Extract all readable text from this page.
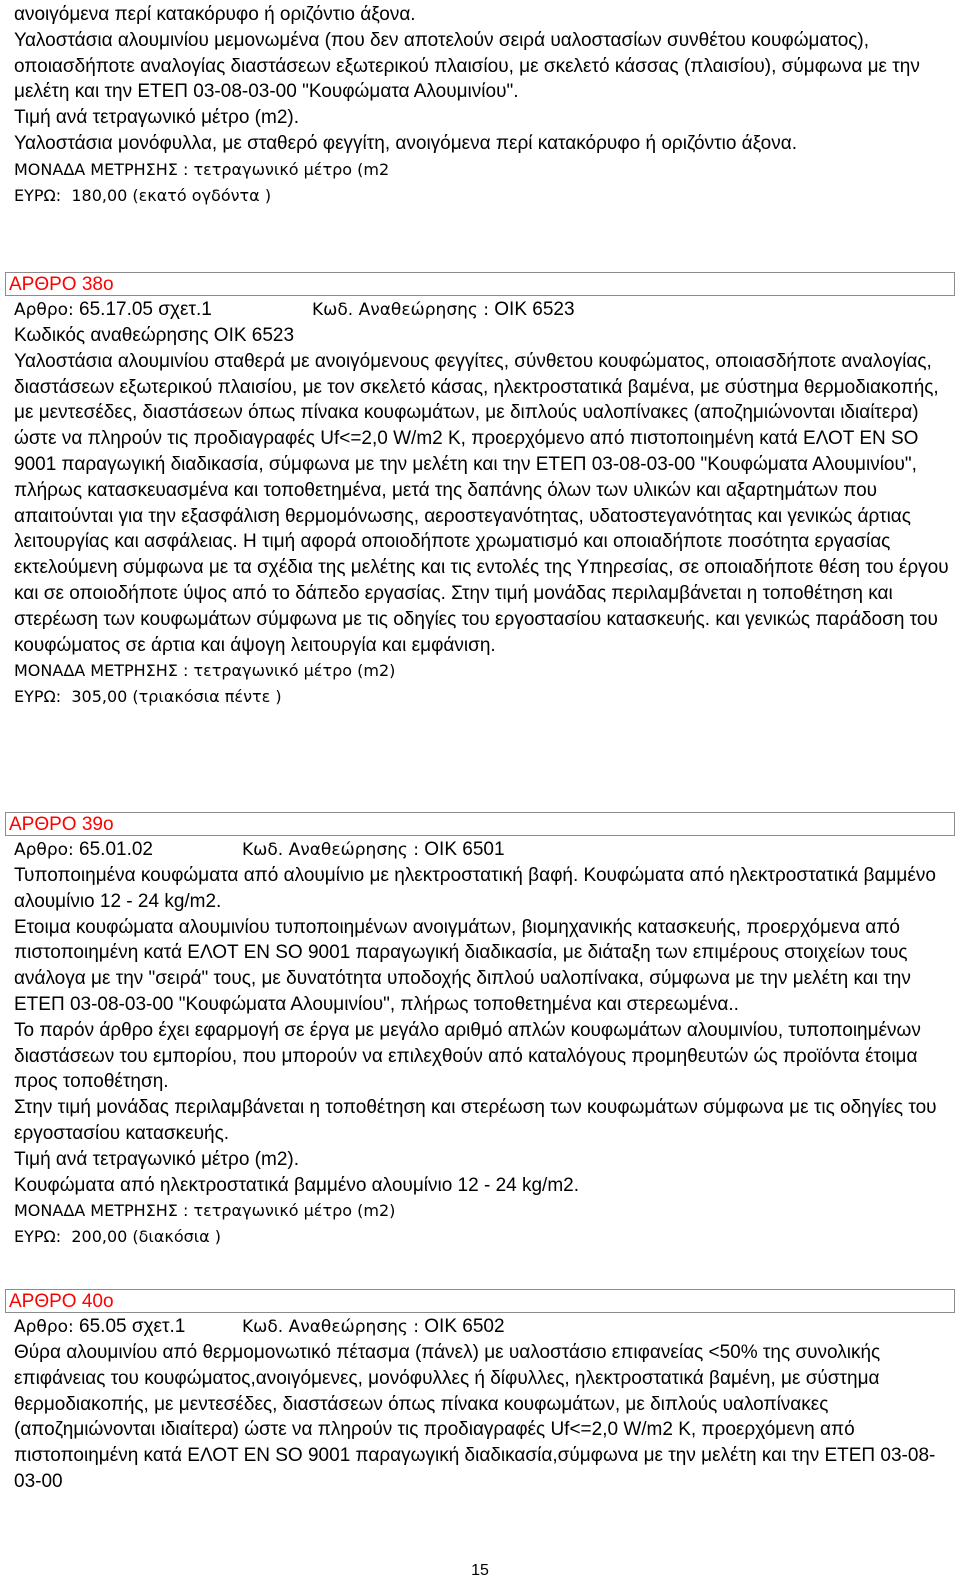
ανοιγόμενα περί κατακόρυφο ή οριζόντιο άξονα.

Υαλοστάσια αλουμινίου μεμονωμένα (που δεν αποτελούν σειρά υαλοστασίων συνθέτου κουφώματος), οποιασδήποτε αναλογίας διαστάσεων εξωτερικού πλαισίου, με σκελετό κάσσας (πλαισίου), σύμφωνα με την μελέτη και την ΕΤΕΠ 03-08-03-00 "Κουφώματα Αλουμινίου".

Τιμή ανά τετραγωνικό μέτρο (m2).

Υαλοστάσια μονόφυλλα, με σταθερό φεγγίτη, ανοιγόμενα περί κατακόρυφο ή οριζόντιο άξονα.

ΜΟΝΑΔΑ ΜΕΤΡΗΣΗΣ : τετραγωνικό μέτρο (m2
ΕΥΡΩ: 180,00 (εκατό ογδόντα )
ΑΡΘΡΟ 38ο
Αρθρο: 65.17.05 σχετ.1	Κωδ. Αναθεώρησης : ΟΙΚ 6523

Κωδικός αναθεώρησης ΟΙΚ 6523

Υαλοστάσια αλουμινίου σταθερά με ανοιγόμενους φεγγίτες, σύνθετου κουφώματος, οποιασδήποτε αναλογίας, διαστάσεων εξωτερικού πλαισίου, με τον σκελετό κάσας, ηλεκτροστατικά βαμένα, με σύστημα θερμοδιακοπής, με μεντεσέδες, διαστάσεων όπως πίνακα κουφωμάτων, με διπλούς υαλοπίνακες (αποζημιώνονται ιδιαίτερα) ώστε να πληρούν τις προδιαγραφές Uf<=2,0 W/m2 K, προερχόμενο από πιστοποιημένη κατά ΕΛΟΤ EN SO 9001 παραγωγική διαδικασία, σύμφωνα με την μελέτη και την ΕΤΕΠ 03-08-03-00 "Κουφώματα Αλουμινίου", πλήρως κατασκευασμένα και τοποθετημένα, μετά της δαπάνης όλων των υλικών και αξαρτημάτων που απαιτούνται για την εξασφάλιση θερμομόνωσης, αεροστεγανότητας, υδατοστεγανότητας και γενικώς άρτιας λειτουργίας και ασφάλειας. Η τιμή αφορά οποιοδήποτε χρωματισμό και οποιαδήποτε ποσότητα εργασίας εκτελούμενη σύμφωνα με τα σχέδια της μελέτης και τις εντολές της Υπηρεσίας, σε οποιαδήποτε θέση του έργου και σε οποιοδήποτε ύψος από το δάπεδο εργασίας. Στην τιμή μονάδας περιλαμβάνεται η τοποθέτηση και στερέωση των κουφωμάτων σύμφωνα με τις οδηγίες του εργοστασίου κατασκευής. και γενικώς παράδοση του κουφώματος σε άρτια και άψογη λειτουργία και εμφάνιση.

ΜΟΝΑΔΑ ΜΕΤΡΗΣΗΣ : τετραγωνικό μέτρο (m2)
ΕΥΡΩ: 305,00 (τριακόσια πέντε )
ΑΡΘΡΟ 39ο
Αρθρο: 65.01.02	Κωδ. Αναθεώρησης : ΟΙΚ 6501

Τυποποιημένα κουφώματα από αλουμίνιο με ηλεκτροστατική βαφή. Κουφώματα από ηλεκτροστατικά βαμμένο αλουμίνιο 12 - 24 kg/m2.

Ετοιμα κουφώματα αλουμινίου τυποποιημένων ανοιγμάτων, βιομηχανικής κατασκευής, προερχόμενα από πιστοποιημένη κατά ΕΛΟΤ EN SO 9001 παραγωγική διαδικασία, με διάταξη των επιμέρους στοιχείων τους ανάλογα με την "σειρά" τους, με δυνατότητα υποδοχής διπλού υαλοπίνακα, σύμφωνα με την μελέτη και την ΕΤΕΠ 03-08-03-00 "Κουφώματα Αλουμινίου", πλήρως τοποθετημένα και στερεωμένα..

Το παρόν άρθρο έχει εφαρμογή σε έργα με μεγάλο αριθμό απλών κουφωμάτων αλουμινίου, τυποποιημένων διαστάσεων του εμπορίου, που μπορούν να επιλεχθούν από καταλόγους προμηθευτών ώς προϊόντα έτοιμα προς τοποθέτηση.

Στην τιμή μονάδας περιλαμβάνεται η τοποθέτηση και στερέωση των κουφωμάτων σύμφωνα με τις οδηγίες του εργοστασίου κατασκευής.

Τιμή ανά τετραγωνικό μέτρο (m2).

Κουφώματα από ηλεκτροστατικά βαμμένο αλουμίνιο 12 - 24 kg/m2.

ΜΟΝΑΔΑ ΜΕΤΡΗΣΗΣ : τετραγωνικό μέτρο (m2)
ΕΥΡΩ: 200,00 (διακόσια )
ΑΡΘΡΟ 40ο
Αρθρο: 65.05 σχετ.1	Κωδ. Αναθεώρησης : ΟΙΚ 6502

Θύρα αλουμινίου από θερμομονωτικό πέτασμα (πάνελ) με υαλοστάσιο επιφανείας <50% της συνολικής επιφάνειας του κουφώματος,ανοιγόμενες, μονόφυλλες ή δίφυλλες, ηλεκτροστατικά βαμένη, με σύστημα θερμοδιακοπής, με μεντεσέδες, διαστάσεων όπως πίνακα κουφωμάτων, με διπλούς υαλοπίνακες (αποζημιώνονται ιδιαίτερα) ώστε να πληρούν τις προδιαγραφές Uf<=2,0 W/m2 K, προερχόμενη από πιστοποιημένη κατά ΕΛΟΤ EN SO 9001 παραγωγική διαδικασία,σύμφωνα με την μελέτη και την ΕΤΕΠ 03-08-03-00

15
